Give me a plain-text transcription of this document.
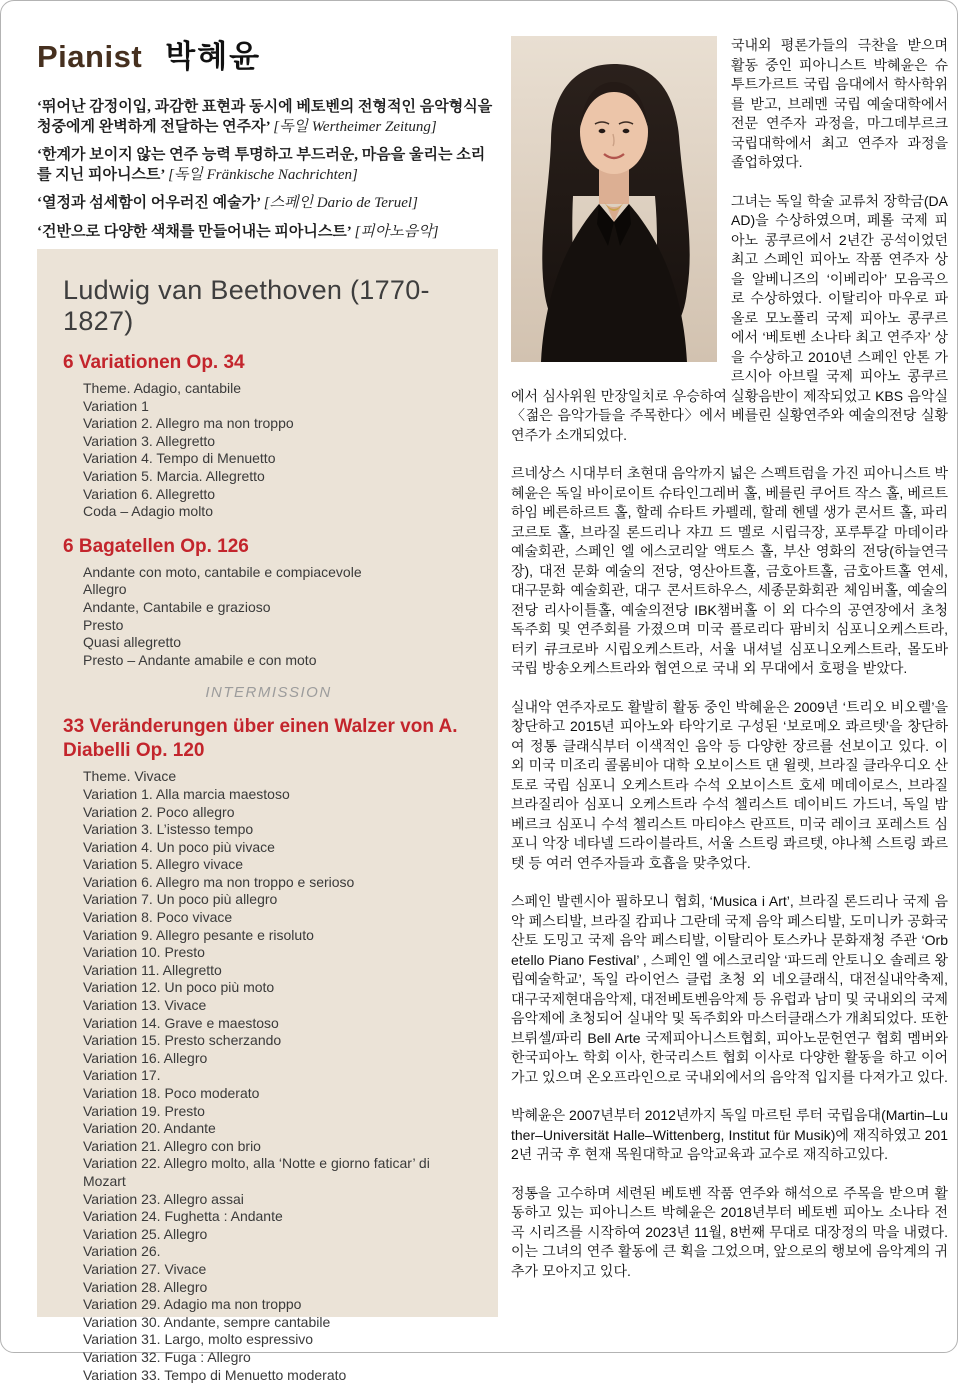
Pianist 박혜윤
‘뛰어난 감정이입, 과감한 표현과 동시에 베토벤의 전형적인 음악형식을 청중에게 완벽하게 전달하는 연주자’ [독일 Wertheimer Zeitung]
‘한계가 보이지 않는 연주 능력 투명하고 부드러운, 마음을 울리는 소리를 지닌 피아니스트’ [독일 Fränkische Nachrichten]
‘열정과 섬세함이 어우러진 예술가’ [스페인 Dario de Teruel]
‘건반으로 다양한 색채를 만들어내는 피아니스트’ [피아노음악]
Ludwig van Beethoven (1770-1827)
6 Variationen Op. 34
Theme. Adagio, cantabile
Variation 1
Variation 2. Allegro ma non troppo
Variation 3. Allegretto
Variation 4. Tempo di Menuetto
Variation 5. Marcia. Allegretto
Variation 6. Allegretto
Coda – Adagio molto
6 Bagatellen Op. 126
Andante con moto, cantabile e compiacevole
Allegro
Andante, Cantabile e grazioso
Presto
Quasi allegretto
Presto – Andante amabile e con moto
INTERMISSION
33 Veränderungen über einen Walzer von A. Diabelli Op. 120
Theme. Vivace
Variation 1. Alla marcia maestoso
Variation 2. Poco allegro
Variation 3. L’istesso tempo
Variation 4. Un poco più vivace
Variation 5. Allegro vivace
Variation 6. Allegro ma non troppo e serioso
Variation 7. Un poco più allegro
Variation 8. Poco vivace
Variation 9. Allegro pesante e risoluto
Variation 10. Presto
Variation 11. Allegretto
Variation 12. Un poco più moto
Variation 13. Vivace
Variation 14. Grave e maestoso
Variation 15. Presto scherzando
Variation 16. Allegro
Variation 17.
Variation 18. Poco moderato
Variation 19. Presto
Variation 20. Andante
Variation 21. Allegro con brio
Variation 22. Allegro molto, alla ‘Notte e giorno faticar’ di Mozart
Variation 23. Allegro assai
Variation 24. Fughetta : Andante
Variation 25. Allegro
Variation 26.
Variation 27. Vivace
Variation 28. Allegro
Variation 29. Adagio ma non troppo
Variation 30. Andante, sempre cantabile
Variation 31. Largo, molto espressivo
Variation 32. Fuga : Allegro
Variation 33. Tempo di Menuetto moderato

국내외 평론가들의 극찬을 받으며 활동 중인 피아니스트 박혜윤은 슈투트가르트 국립 음대에서 학사학위를 받고, 브레멘 국립 예술대학에서 전문 연주자 과정을, 마그데부르크 국립대학에서 최고 연주자 과정을 졸업하였다.

그녀는 독일 학술 교류처 장학금(DAAD)을 수상하였으며, 페롤 국제 피아노 콩쿠르에서 2년간 공석이었던 최고 스페인 피아노 작품 연주자 상을 알베니즈의 ‘이베리아’ 모음곡으로 수상하였다. 이탈리아 마우로 파올로 모노폴리 국제 피아노 콩쿠르에서 ‘베토벤 소나타 최고 연주자’ 상을 수상하고 2010년 스페인 안톤 가르시아 아브릴 국제 피아노 콩쿠르에서 심사위원 만장일치로 우승하여 실황음반이 제작되었고 KBS 음악실 〈젊은 음악가들을 주목한다〉에서 베를린 실황연주와 예술의전당 실황연주가 소개되었다.

르네상스 시대부터 초현대 음악까지 넓은 스펙트럼을 가진 피아니스트 박혜윤은 독일 바이로이트 슈타인그레버 홀, 베를린 쿠어트 작스 홀, 베르트하임 베른하르트 홀, 할레 슈타트 카펠레, 할레 헨델 생가 콘서트 홀, 파리 코르토 홀, 브라질 론드리나 쟈끄 드 멜로 시립극장, 포루투갈 마데이라 예술회관, 스페인 엘 에스코리알 액토스 홀, 부산 영화의 전당(하늘연극장), 대전 문화 예술의 전당, 영산아트홀, 금호아트홀, 금호아트홀 연세, 대구문화 예술회관, 대구 콘서트하우스, 세종문화회관 체임버홀, 예술의전당 리사이틀홀, 예술의전당 IBK챔버홀 이 외 다수의 공연장에서 초청 독주회 및 연주회를 가졌으며 미국 플로리다 팜비치 심포니오케스트라, 터키 큐크로바 시립오케스트라, 서울 내셔널 심포니오케스트라, 몰도바 국립 방송오케스트라와 협연으로 국내 외 무대에서 호평을 받았다.

실내악 연주자로도 활발히 활동 중인 박혜윤은 2009년 ‘트리오 비오렐’을 창단하고 2015년 피아노와 타악기로 구성된 ‘보로메오 콰르텟’을 창단하여 정통 클래식부터 이색적인 음악 등 다양한 장르를 선보이고 있다. 이 외 미국 미조리 콜롬비아 대학 오보이스트 댄 윌렛, 브라질 클라우디오 산토로 국립 심포니 오케스트라 수석 오보이스트 호세 메데이로스, 브라질 브라질리아 심포니 오케스트라 수석 첼리스트 데이비드 가드너, 독일 밤베르크 심포니 수석 첼리스트 마티야스 란프트, 미국 레이크 포레스트 심포니 악장 네타넬 드라이블라트, 서울 스트링 콰르텟, 야나첵 스트링 콰르텟 등 여러 연주자들과 호흡을 맞추었다.

스페인 발렌시아 필하모니 협회, ‘Musica i Art’, 브라질 론드리나 국제 음악 페스티발, 브라질 캄피나 그란데 국제 음악 페스티발, 도미니카 공화국 산토 도밍고 국제 음악 페스티발, 이탈리아 토스카나 문화재청 주관 ‘Orbetello Piano Festival’ , 스페인 엘 에스코리알 ‘파드레 안토니오 솔레르 왕립예술학교’, 독일 라이언스 클럽 초청 외 네오클래식, 대전실내악축제, 대구국제현대음악제, 대전베토벤음악제 등 유럽과 남미 및 국내외의 국제 음악제에 초청되어 실내악 및 독주회와 마스터클래스가 개최되었다. 또한 브뤼셀/파리 Bell Arte 국제피아니스트협회, 피아노문헌연구 협회 멤버와 한국피아노 학회 이사, 한국리스트 협회 이사로 다양한 활동을 하고 이어가고 있으며 온오프라인으로 국내외에서의 음악적 입지를 다져가고 있다.

박혜윤은 2007년부터 2012년까지 독일 마르틴 루터 국립음대(Martin–Luther–Universität Halle–Wittenberg, Institut für Musik)에 재직하였고 2012년 귀국 후 현재 목원대학교 음악교육과 교수로 재직하고있다.

정통을 고수하며 세련된 베토벤 작품 연주와 해석으로 주목을 받으며 활동하고 있는 피아니스트 박혜윤은 2018년부터 베토벤 피아노 소나타 전곡 시리즈를 시작하여 2023년 11월, 8번째 무대로 대장정의 막을 내렸다. 이는 그녀의 연주 활동에 큰 획을 그었으며, 앞으로의 행보에 음악계의 귀추가 모아지고 있다.
